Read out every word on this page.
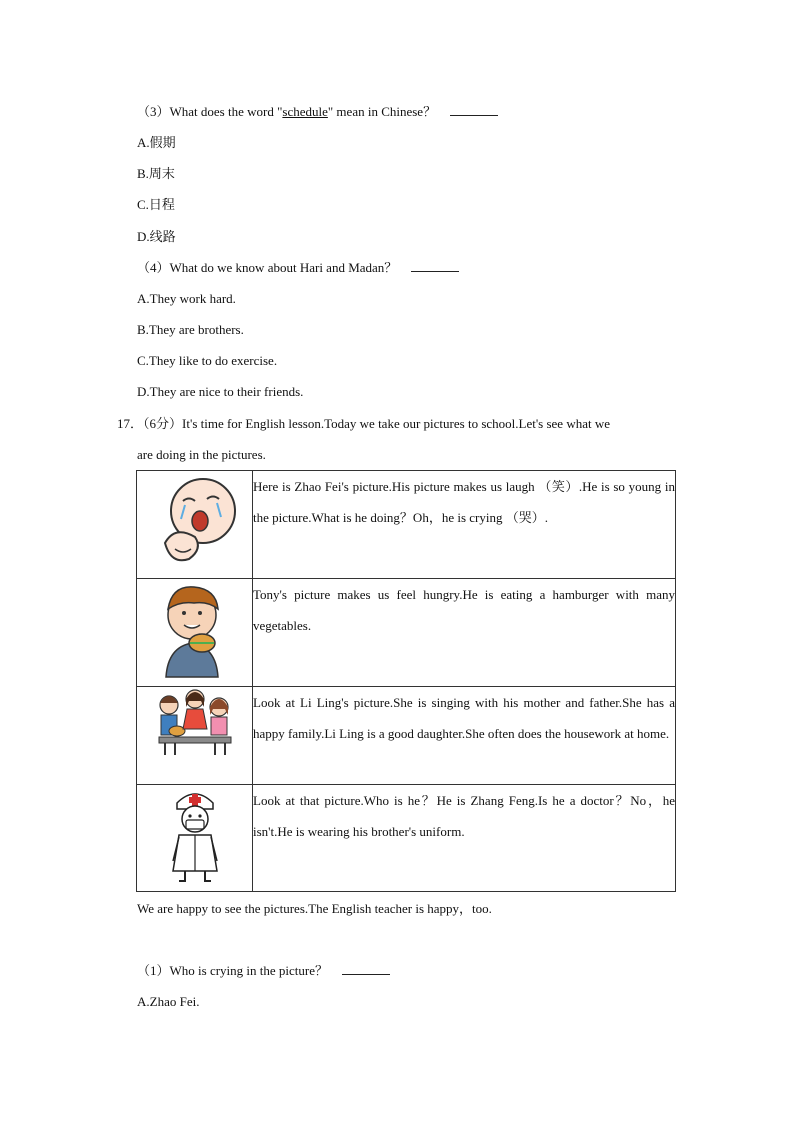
（3）What does the word "schedule" mean in Chinese？
A.假期
B.周末
C.日程
D.线路
（4）What do we know about Hari and Madan？
A.They work hard.
B.They are brothers.
C.They like to do exercise.
D.They are nice to their friends.
17．（6分）It's time for English lesson.Today we take our pictures to school.Let's see what we
are doing in the pictures.
	Here is Zhao Fei's picture.His picture makes us laugh （笑）.He is so young in the picture.What is he doing？Oh，he is crying （哭）.

	Tony's picture makes us feel hungry.He is eating a hamburger with many vegetables.

	Look at Li Ling's picture.She is singing with his mother and father.She has a happy family.Li Ling is a good daughter.She often does the housework at home.

	Look at that picture.Who is he？He is Zhang Feng.Is he a doctor？No，he isn't.He is wearing his brother's uniform.
We are happy to see the pictures.The English teacher is happy，too.
（1）Who is crying in the picture？
A.Zhao Fei.
